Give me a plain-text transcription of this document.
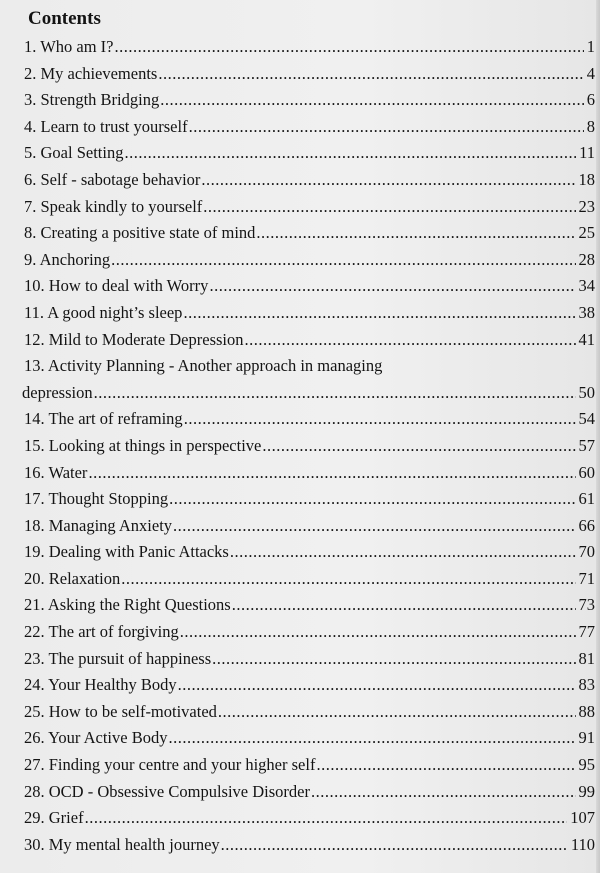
Contents
1. Who am I? .....	1
2. My achievements .....	4
3. Strength Bridging .....	6
4. Learn to trust yourself .....	8
5. Goal Setting .....	11
6. Self - sabotage behavior .....	18
7. Speak kindly to yourself .....	23
8. Creating a positive state of mind .....	25
9. Anchoring .....	28
10. How to deal with Worry .....	34
11. A good night’s sleep .....	38
12. Mild to Moderate Depression .....	41
13. Activity Planning - Another approach in managing
depression .....	50
14. The art of reframing .....	54
15. Looking at things in perspective .....	57
16. Water .....	60
17. Thought Stopping .....	61
18. Managing Anxiety .....	66
19. Dealing with Panic Attacks .....	70
20. Relaxation .....	71
21. Asking the Right Questions .....	73
22. The art of forgiving .....	77
23. The pursuit of happiness .....	81
24. Your Healthy Body .....	83
25. How to be self-motivated .....	88
26. Your Active Body .....	91
27. Finding your centre and your higher self .....	95
28. OCD - Obsessive Compulsive Disorder .....	99
29. Grief .....	107
30. My mental health journey .....	110
